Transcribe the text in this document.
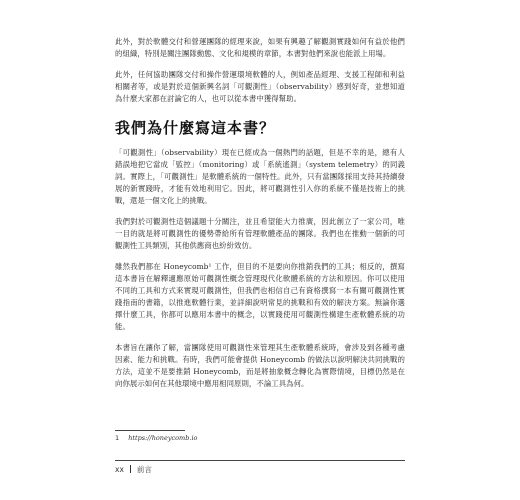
此外，對於軟體交付和營運團隊的經理來說，如果有興趣了解觀測實踐如何有益於他們的組織，特別是關注團隊動態、文化和規模的章節，本書對他們來說也能派上用場。

此外，任何協助團隊交付和操作營運環境軟體的人，例如產品經理、支援工程師和利益相關者等，或是對於這個新興名詞「可觀測性」（observability）感到好奇，並想知道為什麼大家都在討論它的人，也可以從本書中獲得幫助。

我們為什麼寫這本書？

「可觀測性」（observability）現在已經成為一個熱門的話題，但是不幸的是，總有人錯誤地把它當成「監控」（monitoring）或「系統遙測」（system telemetry）的同義詞。實際上，「可觀測性」是軟體系統的一個特性。此外，只有當團隊採用支持其持續發展的新實踐時，才能有效地利用它。因此，將可觀測性引入你的系統不僅是技術上的挑戰，還是一個文化上的挑戰。

我們對於可觀測性這個議題十分關注，並且希望能大力推廣，因此創立了一家公司，唯一目的就是將可觀測性的優勢帶給所有管理軟體產品的團隊。我們也在推動一個新的可觀測性工具類別，其他供應商也紛紛效仿。

雖然我們都在 Honeycomb¹ 工作，但目的不是要向你推銷我們的工具；相反的，撰寫這本書旨在解釋適應原始可觀測性概念管理現代化軟體系統的方法和原因。你可以使用不同的工具和方式來實現可觀測性，但我們也相信自己有資格撰寫一本有關可觀測性實踐指南的書籍，以推進軟體行業，並詳細說明常見的挑戰和有效的解決方案。無論你選擇什麼工具，你都可以應用本書中的概念，以實踐使用可觀測性構建生產軟體系統的功能。

本書旨在讓你了解，當團隊使用可觀測性來管理其生產軟體系統時，會涉及到各種考慮因素、能力和挑戰。有時，我們可能會提供 Honeycomb 的做法以說明解決共同挑戰的方法，這並不是要推銷 Honeycomb，而是將抽象概念轉化為實際情境，目標仍然是在向你展示如何在其他環境中應用相同原則，不論工具為何。

1 https://honeycomb.io
xx 前言
